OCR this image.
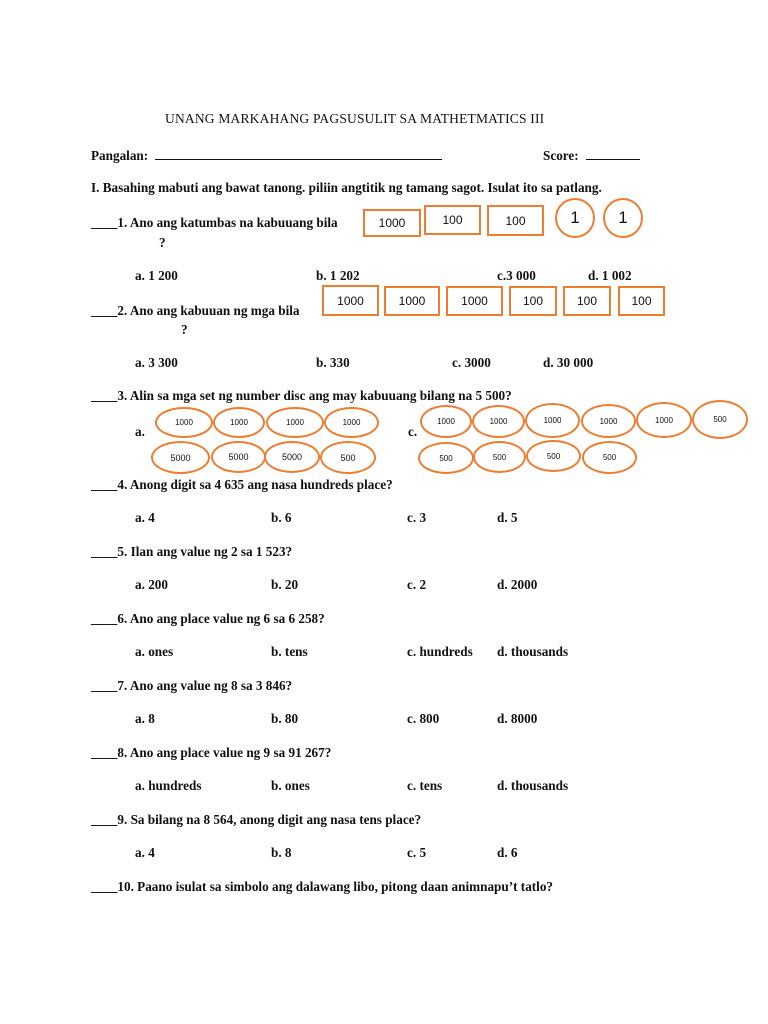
UNANG MARKAHANG PAGSUSULIT SA MATHETMATICS III
Pangalan:	Score:
I. Basahing mabuti ang bawat tanong. piliin angtitik ng tamang sagot. Isulat ito sa patlang.
____1. Ano ang katumbas na kabuuang bila
?
1000	100	100	1	1
a. 1 200	b. 1 202	c.3 000	d. 1 002
____2. Ano ang kabuuan ng mga bila
?
1000	1000	1000	100	100	100
a. 3 300	b. 330	c. 3000	d. 30 000
____3. Alin sa mga set ng number disc ang may kabuuang bilang na 5 500?
a.	c.
1000	1000	1000	1000
5000	5000	5000	500
1000	1000	1000	1000	1000	500
500	500	500	500
____4. Anong digit sa 4 635 ang nasa hundreds place?
a. 4	b. 6	c. 3	d. 5
____5. Ilan ang value ng 2 sa 1 523?
a. 200	b. 20	c. 2	d. 2000
____6. Ano ang place value ng 6 sa 6 258?
a. ones	b. tens	c. hundreds d. thousands
____7. Ano ang value ng 8 sa 3 846?
a. 8	b. 80	c. 800	d. 8000
____8. Ano ang place value ng 9 sa 91 267?
a. hundreds	b. ones	c. tens	d. thousands
____9. Sa bilang na 8 564, anong digit ang nasa tens place?
a. 4	b. 8	c. 5	d. 6
____10. Paano isulat sa simbolo ang dalawang libo, pitong daan animnapu’t tatlo?
